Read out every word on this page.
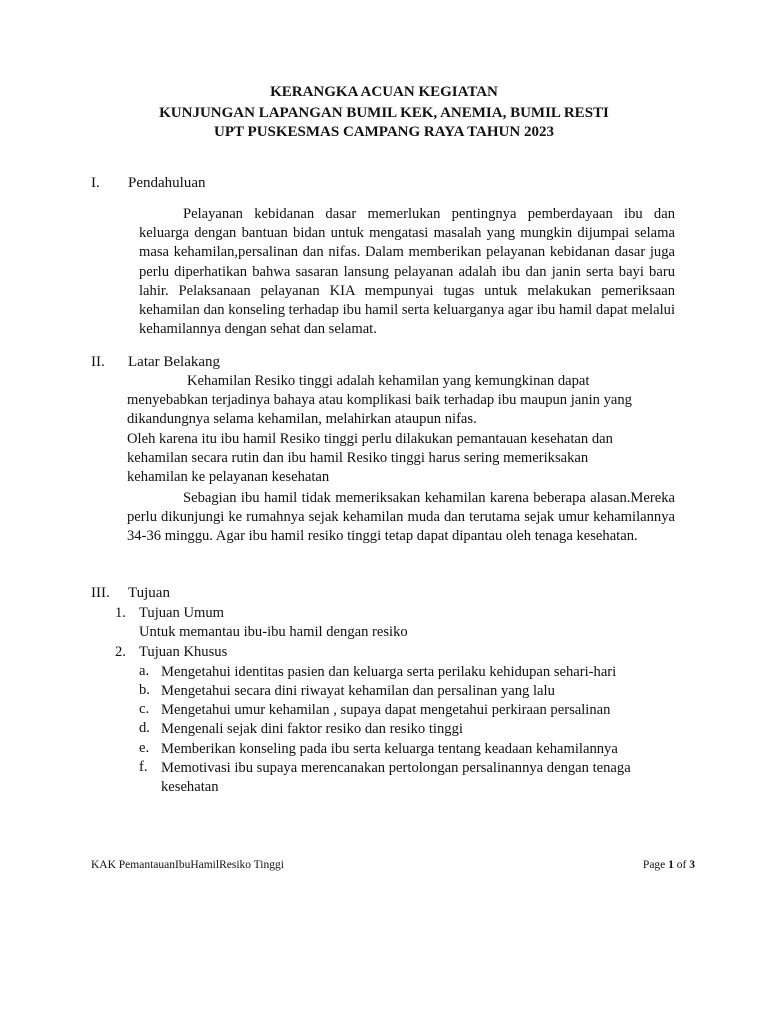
KERANGKA ACUAN KEGIATAN
KUNJUNGAN LAPANGAN BUMIL KEK, ANEMIA, BUMIL RESTI
UPT PUSKESMAS CAMPANG RAYA TAHUN 2023
I. Pendahuluan

Pelayanan kebidanan dasar memerlukan pentingnya pemberdayaan ibu dan keluarga dengan bantuan bidan untuk mengatasi masalah yang mungkin dijumpai selama masa kehamilan,persalinan dan nifas. Dalam memberikan pelayanan kebidanan dasar juga perlu diperhatikan bahwa sasaran lansung pelayanan adalah ibu dan janin serta bayi baru lahir. Pelaksanaan pelayanan KIA mempunyai tugas untuk melakukan pemeriksaan kehamilan dan konseling terhadap ibu hamil serta keluarganya agar ibu hamil dapat melalui kehamilannya dengan sehat dan selamat.

II. Latar Belakang
Kehamilan Resiko tinggi adalah kehamilan yang kemungkinan dapat
menyebabkan terjadinya bahaya atau komplikasi baik terhadap ibu maupun janin yang
dikandungnya selama kehamilan, melahirkan ataupun nifas.
Oleh karena itu ibu hamil Resiko tinggi perlu dilakukan pemantauan kesehatan dan
kehamilan secara rutin dan ibu hamil Resiko tinggi harus sering memeriksakan
kehamilan ke pelayanan kesehatan

Sebagian ibu hamil tidak memeriksakan kehamilan karena beberapa alasan.Mereka perlu dikunjungi ke rumahnya sejak kehamilan muda dan terutama sejak umur kehamilannya 34-36 minggu. Agar ibu hamil resiko tinggi tetap dapat dipantau oleh tenaga kesehatan.

III. Tujuan
1. Tujuan Umum
Untuk memantau ibu-ibu hamil dengan resiko
2. Tujuan Khusus
a. Mengetahui identitas pasien dan keluarga serta perilaku kehidupan sehari-hari
b. Mengetahui secara dini riwayat kehamilan dan persalinan yang lalu
c. Mengetahui umur kehamilan , supaya dapat mengetahui perkiraan persalinan
d. Mengenali sejak dini faktor resiko dan resiko tinggi
e. Memberikan konseling pada ibu serta keluarga tentang keadaan kehamilannya
f. Memotivasi ibu supaya merencanakan pertolongan persalinannya dengan tenaga kesehatan
KAK PemantauanIbuHamilResiko Tinggi	Page 1 of 3
